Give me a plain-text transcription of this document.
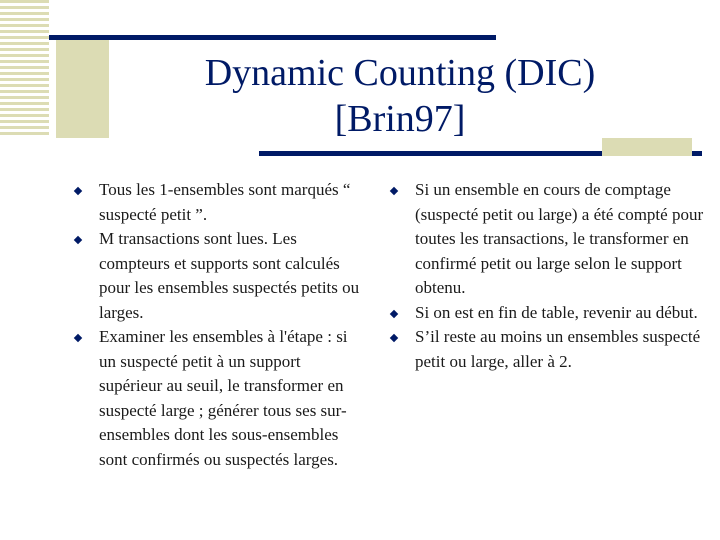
Dynamic Counting (DIC)
[Brin97]
Tous les 1-ensembles sont marqués “ suspecté petit ”.
M transactions sont lues. Les compteurs et supports sont calculés pour les ensembles suspectés petits ou larges.
Examiner les ensembles à l'étape : si un suspecté petit à un support supérieur au seuil, le transformer en suspecté large ; générer tous ses sur-ensembles dont les sous-ensembles sont confirmés ou suspectés larges.
Si un ensemble en cours de comptage (suspecté petit ou large) a été compté pour toutes les transactions, le transformer en confirmé petit ou large selon le support obtenu.
Si on est en fin de table, revenir au début.
S’il reste au moins un ensembles suspecté petit ou large, aller à 2.
